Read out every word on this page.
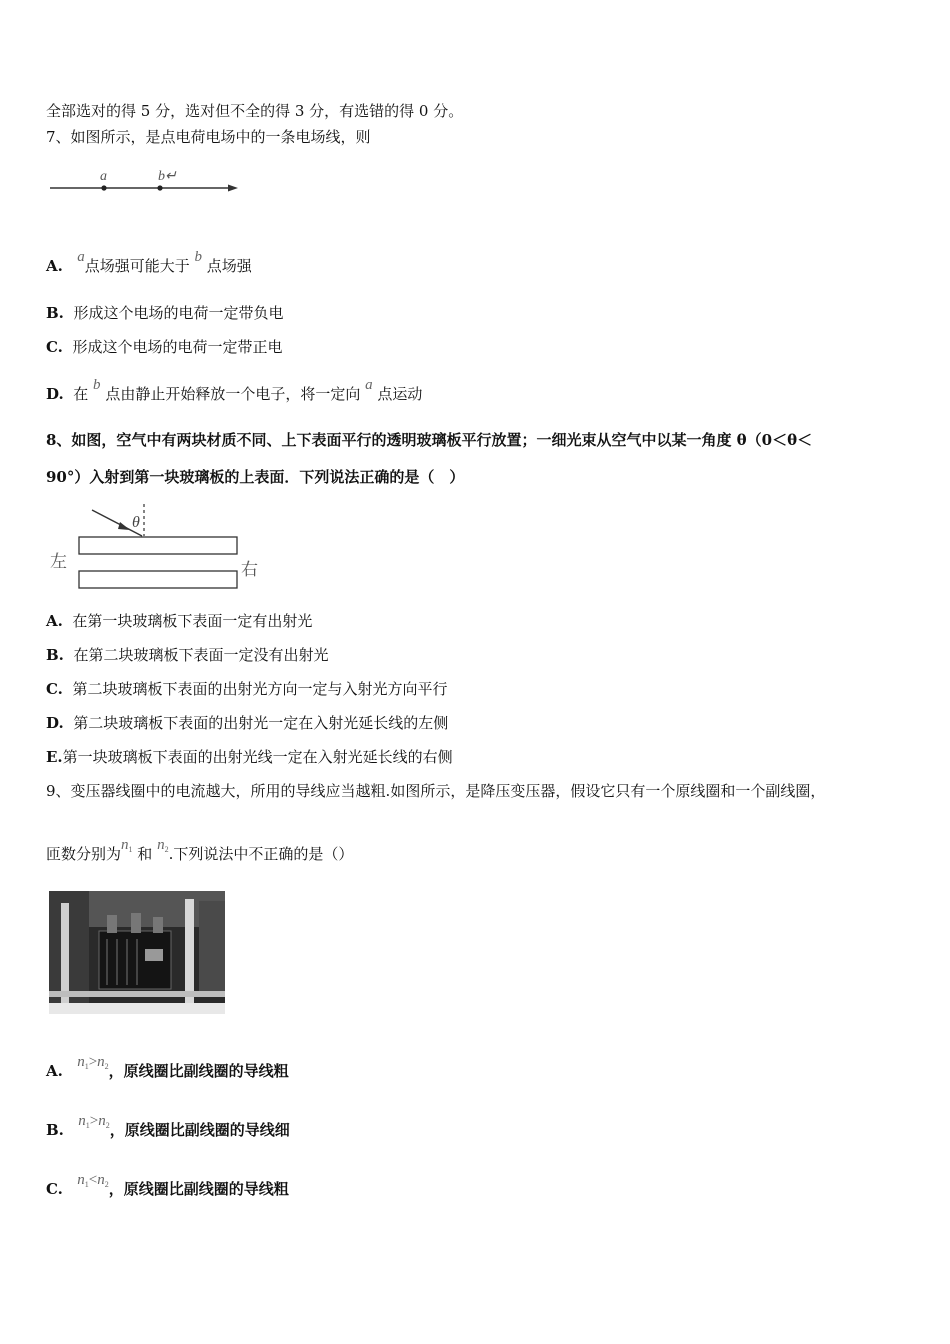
全部选对的得 5 分，选对但不全的得 3 分，有选错的得 0 分。
7、如图所示，是点电荷电场中的一条电场线，则
a	b↵
A. a点场强可能大于 b 点场强
B. 形成这个电场的电荷一定带负电
C. 形成这个电场的电荷一定带正电
D. 在 b 点由静止开始释放一个电子，将一定向 a 点运动
8、如图，空气中有两块材质不同、上下表面平行的透明玻璃板平行放置；一细光束从空气中以某一角度 θ（0＜θ＜
90°）入射到第一块玻璃板的上表面．下列说法正确的是（　）
θ
左	右
A. 在第一块玻璃板下表面一定有出射光
B. 在第二块玻璃板下表面一定没有出射光
C. 第二块玻璃板下表面的出射光方向一定与入射光方向平行
D. 第二块玻璃板下表面的出射光一定在入射光延长线的左侧
E.第一块玻璃板下表面的出射光线一定在入射光延长线的右侧
9、变压器线圈中的电流越大，所用的导线应当越粗.如图所示，是降压变压器，假设它只有一个原线圈和一个副线圈，
匝数分别为$n_1$ 和 $n_2$.下列说法中不正确的是（）
A. $n_1>n_2$，原线圈比副线圈的导线粗
B. $n_1>n_2$，原线圈比副线圈的导线细
C. $n_1<n_2$，原线圈比副线圈的导线粗
